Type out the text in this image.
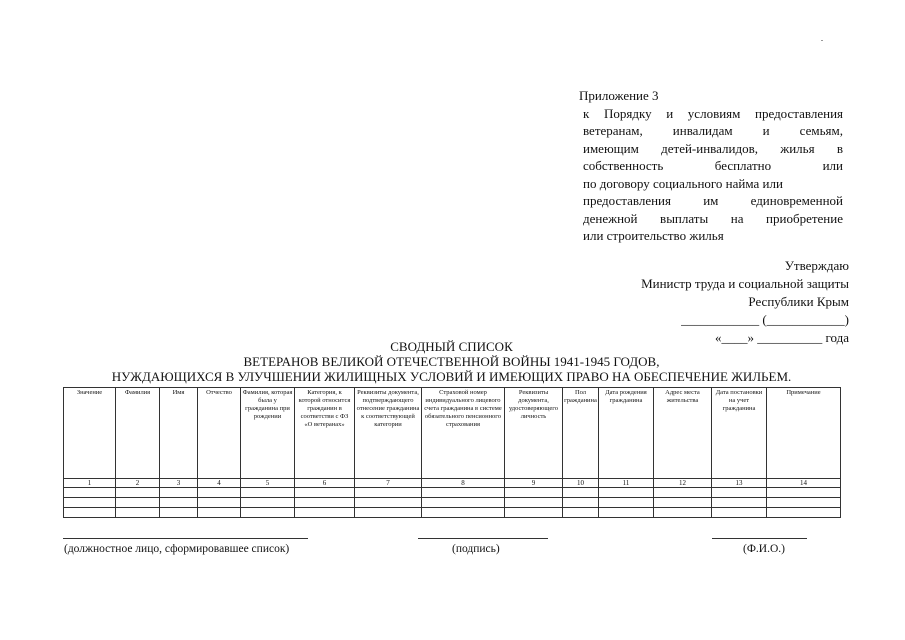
Приложение 3
к Порядку и условиям предоставления
ветеранам, инвалидам и семьям,
имеющим детей-инвалидов, жилья в
собственность бесплатно или
по договору социального найма или
предоставления им единовременной
денежной выплаты на приобретение
или строительство жилья
Утверждаю
Министр труда и социальной защиты
Республики Крым
____________ (____________)
«____» __________ года
СВОДНЫЙ СПИСОК
ВЕТЕРАНОВ ВЕЛИКОЙ ОТЕЧЕСТВЕННОЙ ВОЙНЫ 1941-1945 ГОДОВ,
НУЖДАЮЩИХСЯ В УЛУЧШЕНИИ ЖИЛИЩНЫХ УСЛОВИЙ И ИМЕЮЩИХ ПРАВО НА ОБЕСПЕЧЕНИЕ ЖИЛЬЕМ.
Значение	Фамилия	Имя	Отчество	Фамилия, которая была у гражданина при рождении	Категория, к которой относится гражданин в соответстви с ФЗ «О ветеранах»	Реквизиты документа, подтверждающего отнесение гражданина к соответствующей категории	Страховой номер индивидуального лицевого счета гражданина в системе обязательного пенсионного страхования	Реквизиты документа, удостоверяющего личность	Пол гражданина	Дата рождения гражданина	Адрес места жительства	Дата постановки на учет гражданина	Примечание
1	2	3	4	5	6	7	8	9	10	11	12	13	14

(должностное лицо, сформировавшее список)	(подпись)	(Ф.И.О.)
